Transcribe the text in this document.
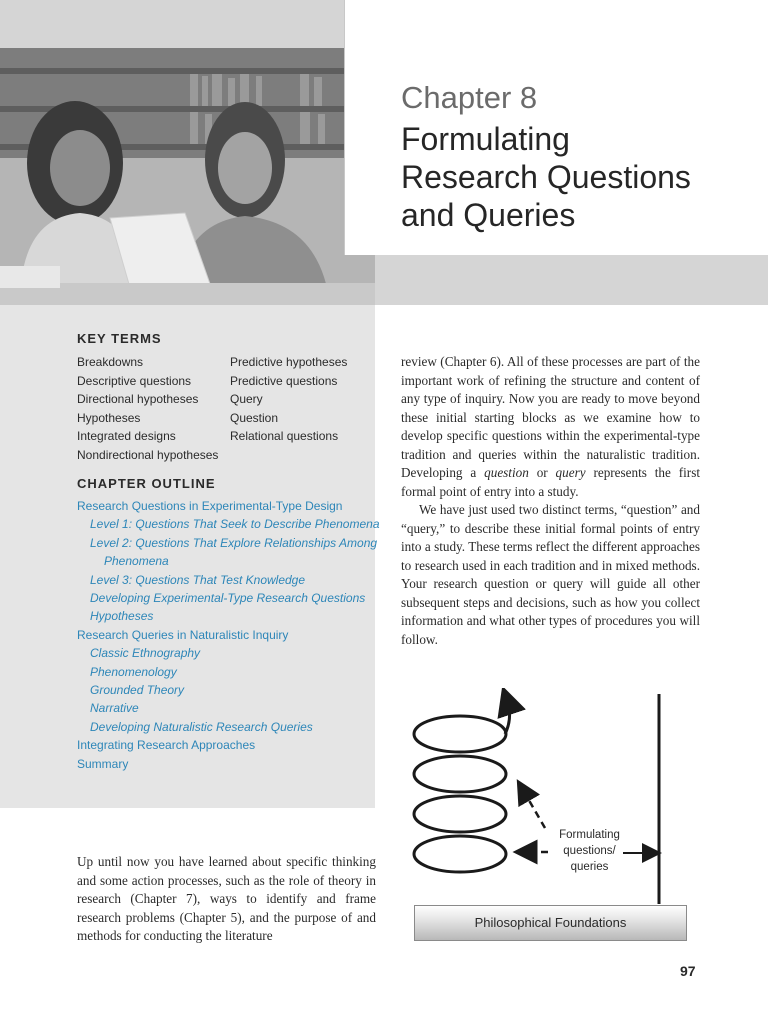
Chapter 8
Formulating
Research Questions
and Queries
KEY TERMS
Breakdowns
Descriptive questions
Directional hypotheses
Hypotheses
Integrated designs
Nondirectional hypotheses
Predictive hypotheses
Predictive questions
Query
Question
Relational questions
CHAPTER OUTLINE
Research Questions in Experimental-Type Design
Level 1: Questions That Seek to Describe Phenomena
Level 2: Questions That Explore Relationships Among
Phenomena
Level 3: Questions That Test Knowledge
Developing Experimental-Type Research Questions
Hypotheses
Research Queries in Naturalistic Inquiry
Classic Ethnography
Phenomenology
Grounded Theory
Narrative
Developing Naturalistic Research Queries
Integrating Research Approaches
Summary

Up until now you have learned about specific thinking and some action processes, such as the role of theory in research (Chapter 7), ways to identify and frame research problems (Chapter 5), and the purpose of and methods for conducting the literature

review (Chapter 6). All of these processes are part of the important work of refining the structure and content of any type of inquiry. Now you are ready to move beyond these initial starting blocks as we examine how to develop specific questions within the experimental-type tradition and queries within the naturalistic tradition. Developing a question or query represents the first formal point of entry into a study.

We have just used two distinct terms, “question” and “query,” to describe these initial formal points of entry into a study. These terms reflect the different approaches to research used in each tradition and in mixed methods. Your research question or query will guide all other subsequent steps and decisions, such as how you collect information and what other types of procedures you will follow.

Formulating
questions/
queries
Philosophical Foundations
97
